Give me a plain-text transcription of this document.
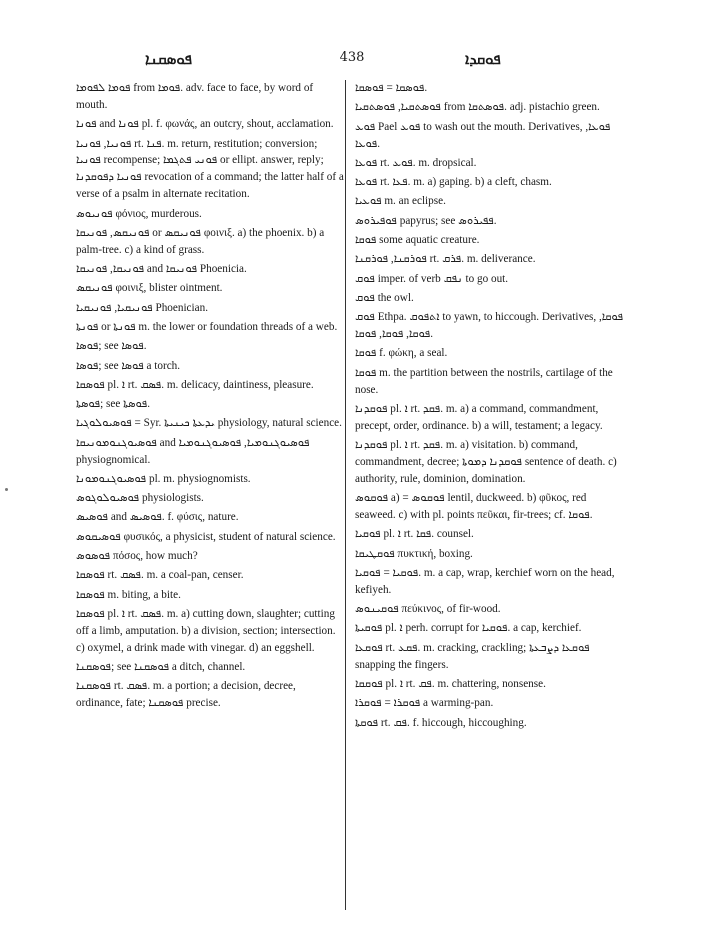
ܦܘܣܩܢܐ	438	ܦܘܩܕܐ

ܦܘܡܐ ܠܦܘܡܐ from ܦܘܡܐ. adv. face to face, by word of mouth.

ܦܘܢܐ and ܦܘܢܐ pl. f. φωνάς, an outcry, shout, acclamation.

ܦܘܢܝܐ, ܦܘܢܝܐ rt. ܦܢܐ. m. return, restitution; conversion; ܦܘܢܝܐ recompense; ܦܘܢܝ ܦܬܓܡܐ or ellipt. answer, reply; ܦܘܢܝܐ ܕܦܘܩܕܢܐ revocation of a command; the latter half of a verse of a psalm in alternate recitation.

ܦܘܢܝܘܣ φόνιος, murderous.

ܦܘܢܝܩܣ, ܦܘܢܝܩܐ or ܦܘܢܝܩܣ φοινιξ. a) the phoenix. b) a palm-tree. c) a kind of grass.

ܦܘܢܝܩܐ, ܦܘܢܝܩܐ and ܦܘܢܝܩܐ Phoenicia.

ܦܘܢܝܩܣ φοινιξ, blister ointment.

ܦܘܢܝܩܝܐ, ܦܘܢܝܩܝܐ Phoenician.

ܦܘܢܬܐ or ܦܘܢܬܐ m. the lower or foundation threads of a web.

ܦܘܣܐ; see ܦܘܣܐ.

ܦܘܣܐ; see ܦܘܣܐ a torch.

ܦܘܣܩܐ pl. ܐ rt. ܦܣܩ. m. delicacy, daintiness, pleasure.

ܦܘܣܬܐ; see ܦܘܣܬܐ.

ܦܘܣܝܘܠܘܓܝܐ = Syr. ܝܕܥܬܐ ܟܝܢܝܬܐ physiology, natural science.

ܦܘܣܝܘܓܢܘܡܘܢܝܩܐ and ܦܘܣܝܘܓܢܘܡܝܐ, ܦܘܣܝܘܓܢܘܡܝܐ physiognomical.

ܦܘܣܝܘܓܢܘܡܘܢܐ pl. m. physiognomists.

ܦܘܣܝܘܠܘܓܘܣ physiologists.

ܦܘܣܝܣ and ܦܘܣܝܣ. f. φύσις, nature.

ܦܘܣܝܩܘܣ φυσικός, a physicist, student of natural science.

ܦܘܣܘܣ πόσος, how much?

ܦܘܣܩܐ rt. ܦܣܩ. m. a coal-pan, censer.

ܦܘܣܩܐ m. biting, a bite.

ܦܘܣܩܐ pl. ܐ rt. ܦܣܩ. m. a) cutting down, slaughter; cutting off a limb, amputation. b) a division, section; intersection. c) oxymel, a drink made with vinegar. d) an eggshell.

ܦܘܣܩܢܐ; see ܦܘܣܩܢܐ a ditch, channel.

ܦܘܣܩܢܐ rt. ܦܣܩ. m. a portion; a decision, decree, ordinance, fate; ܦܘܣܩܢܐ precise.

ܦܘܣܩܐ = ܦܘܣܩܐ.

ܦܘܣܬܩܝܐ, ܦܘܣܬܩܝܐ from ܦܘܣܬܩܐ. adj. pistachio green.

ܦܘܥ Pael ܦܘܥ to wash out the mouth. Derivatives, ܦܘܥܐ, ܦܘܥܐ.

ܦܘܥܐ rt. ܦܘܥ. m. dropsical.

ܦܘܥܐ rt. ܦܥܐ. m. a) gaping. b) a cleft, chasm.

ܦܘܥܝܐ m. an eclipse.

ܦܘܦܝܪܘܣ papyrus; see ܦܦܝܪܘܣ.

ܦܘܩܐ some aquatic creature.

ܦܘܪܩܢܐ, ܦܘܪܩܢܐ rt. ܦܪܩ. m. deliverance.

ܦܘܩ imper. of verb ܢܦܩ to go out.

ܦܘܩ the owl.

ܦܘܩ Ethpa. ܐܬܦܘܩ to yawn, to hiccough. Derivatives, ܦܘܩܐ, ܦܘܩܐ, ܦܘܩܐ, ܦܘܩܐ.

ܦܘܩܐ f. φώκη, a seal.

ܦܘܩܐ m. the partition between the nostrils, cartilage of the nose.

ܦܘܩܕܢܐ pl. ܐ rt. ܦܩܕ. m. a) a command, commandment, precept, order, ordinance. b) a will, testament; a legacy.

ܦܘܩܕܢܐ pl. ܐ rt. ܦܩܕ. m. a) visitation. b) command, commandment, decree; ܦܘܩܕܢܐ ܕܡܘܬܐ sentence of death. c) authority, rule, dominion, domination.

ܦܘܩܘܣ a) = ܦܘܩܘܣ lentil, duckweed. b) φῦκος, red seaweed. c) with pl. points πεῦκαι, fir-trees; cf. ܦܘܩܐ.

ܦܘܩܝܐ pl. ܐ rt. ܦܩܐ. counsel.

ܦܘܩܛܝܩܐ πυκτική, boxing.

ܦܘܩܝܐ = ܦܘܩܝܐ. m. a cap, wrap, kerchief worn on the head, kefiyeh.

ܦܘܩܝܢܘܣ πεύκινος, of fir-wood.

ܦܘܩܝܬܐ pl. ܐ perh. corrupt for ܦܘܩܝܐ. a cap, kerchief.

ܦܘܩܥܐ rt. ܦܩܥ. m. cracking, crackling; ܦܘܩܥܐ ܕܨܒܥܬܐ snapping the fingers.

ܦܘܩܩܐ pl. ܐ rt. ܦܩ. m. chattering, nonsense.

ܦܘܩܪܐ = ܦܘܩܪܐ a warming-pan.

ܦܘܩܬܐ rt. ܦܩ. f. hiccough, hiccoughing.
